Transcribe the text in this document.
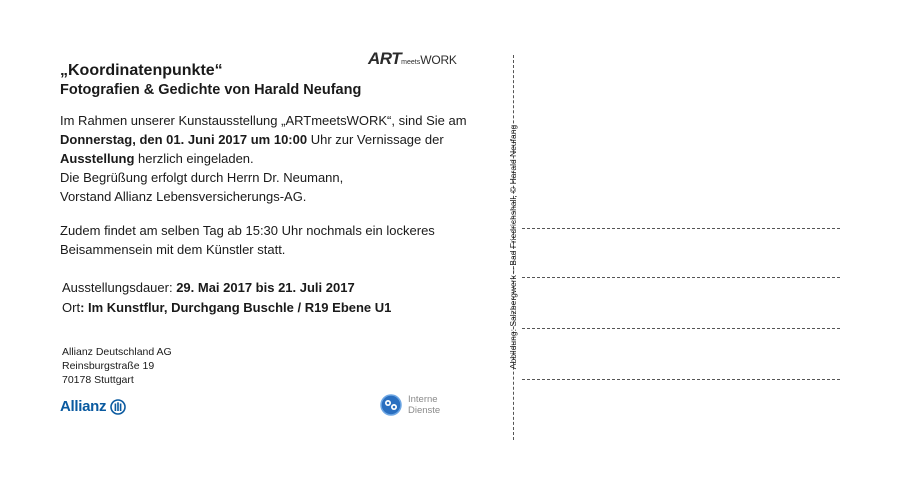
ARTmeetsWORK
„Koordinatenpunkte“
Fotografien & Gedichte von Harald Neufang
Im Rahmen unserer Kunstausstellung „ARTmeetsWORK“, sind Sie am
Donnerstag, den 01. Juni 2017 um 10:00 Uhr zur Vernissage der
Ausstellung herzlich eingeladen.
Die Begrüßung erfolgt durch Herrn Dr. Neumann,
Vorstand Allianz Lebensversicherungs-AG.
Zudem findet am selben Tag ab 15:30 Uhr nochmals ein lockeres
Beisammensein mit dem Künstler statt.
Ausstellungsdauer: 29. Mai 2017 bis 21. Juli 2017
Ort: Im Kunstflur, Durchgang Buschle / R19 Ebene U1
Allianz Deutschland AG
Reinsburgstraße 19
70178 Stuttgart
Allianz	Interne
Dienste
Abbildung: Salzbergwerk – Bad Friedrichshall, © Harald Neufang
